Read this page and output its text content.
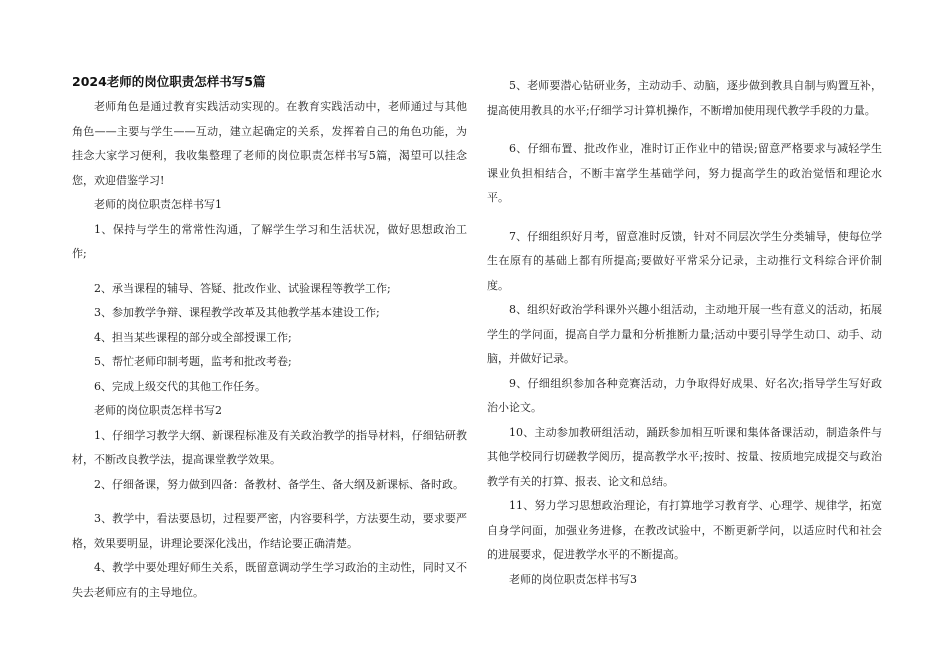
2024老师的岗位职责怎样书写5篇

老师角色是通过教育实践活动实现的。在教育实践活动中，老师通过与其他角色——主要与学生——互动，建立起确定的关系，发挥着自己的角色功能，为挂念大家学习便利，我收集整理了老师的岗位职责怎样书写5篇，渴望可以挂念您，欢迎借鉴学习!

老师的岗位职责怎样书写1

1、保持与学生的常常性沟通，了解学生学习和生活状况，做好思想政治工作;

2、承当课程的辅导、答疑、批改作业、试验课程等教学工作;

3、参加教学争辩、课程教学改革及其他教学基本建设工作;

4、担当某些课程的部分或全部授课工作;

5、帮忙老师印制考题，监考和批改考卷;

6、完成上级交代的其他工作任务。

老师的岗位职责怎样书写2

1、仔细学习教学大纲、新课程标准及有关政治教学的指导材料，仔细钻研教材，不断改良教学法，提高课堂教学效果。

2、仔细备课，努力做到四备：备教材、备学生、备大纲及新课标、备时政。

3、教学中，看法要恳切，过程要严密，内容要科学，方法要生动，要求要严格，效果要明显，讲理论要深化浅出，作结论要正确清楚。

4、教学中要处理好师生关系，既留意调动学生学习政治的主动性，同时又不失去老师应有的主导地位。

5、老师要潜心钻研业务，主动动手、动脑，逐步做到教具自制与购置互补，提高使用教具的水平;仔细学习计算机操作，不断增加使用现代教学手段的力量。

6、仔细布置、批改作业，准时订正作业中的错误;留意严格要求与减轻学生课业负担相结合，不断丰富学生基础学问，努力提高学生的政治觉悟和理论水平。

7、仔细组织好月考，留意准时反馈，针对不同层次学生分类辅导，使每位学生在原有的基础上都有所提高;要做好平常采分记录，主动推行文科综合评价制度。

8、组织好政治学科课外兴趣小组活动，主动地开展一些有意义的活动，拓展学生的学问面，提高自学力量和分析推断力量;活动中要引导学生动口、动手、动脑，并做好记录。

9、仔细组织参加各种竞赛活动，力争取得好成果、好名次;指导学生写好政治小论文。

10、主动参加教研组活动，踊跃参加相互听课和集体备课活动，制造条件与其他学校同行切磋教学阅历，提高教学水平;按时、按量、按质地完成提交与政治教学有关的打算、报表、论文和总结。

11、努力学习思想政治理论，有打算地学习教育学、心理学、规律学，拓宽自身学问面，加强业务进修，在教改试验中，不断更新学问，以适应时代和社会的进展要求，促进教学水平的不断提高。

老师的岗位职责怎样书写3
